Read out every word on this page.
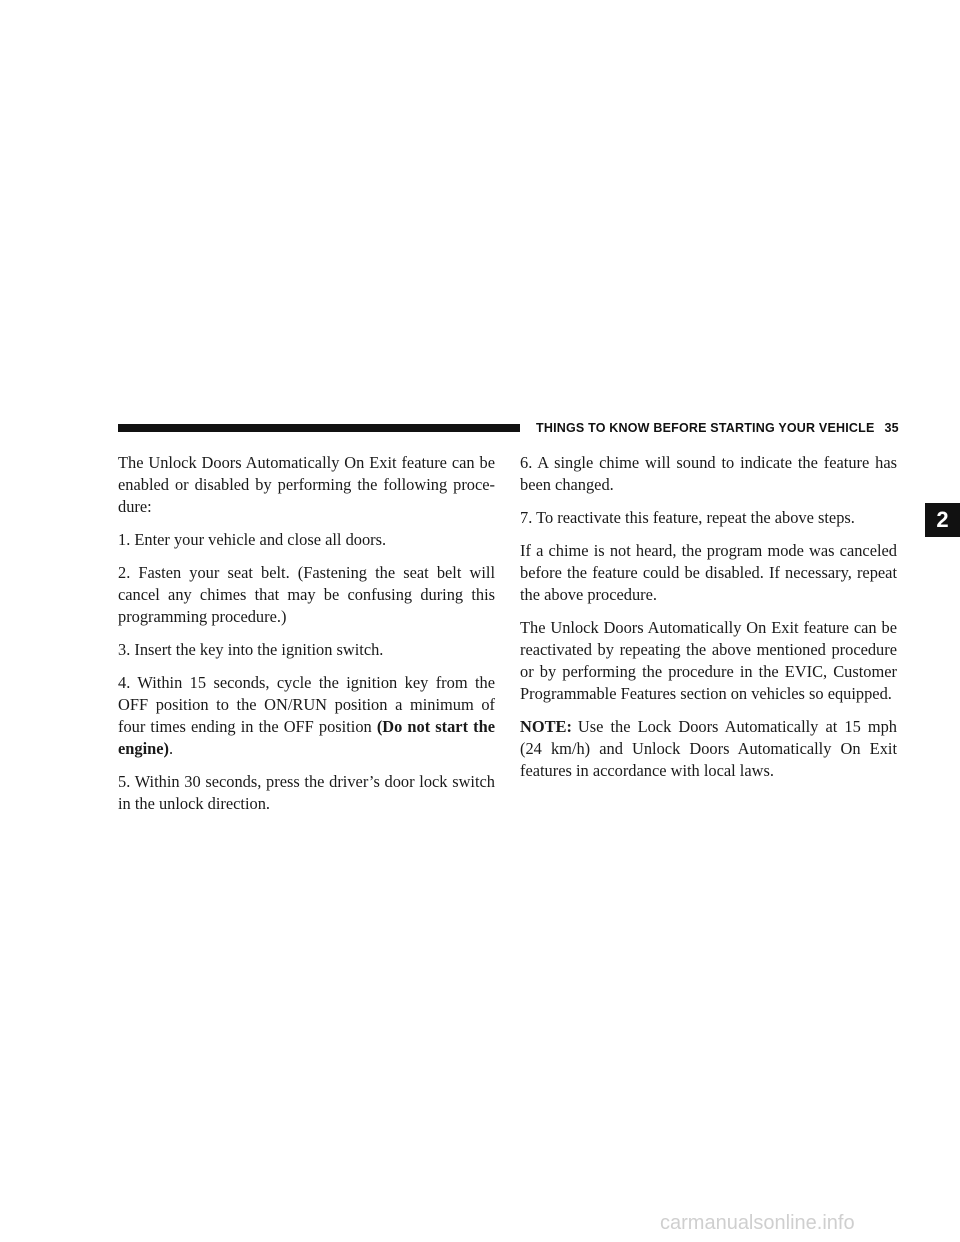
THINGS TO KNOW BEFORE STARTING YOUR VEHICLE 35

The Unlock Doors Automatically On Exit feature can be enabled or disabled by performing the following proce-dure:

1. Enter your vehicle and close all doors.

2. Fasten your seat belt. (Fastening the seat belt will cancel any chimes that may be confusing during this programming procedure.)

3. Insert the key into the ignition switch.

4. Within 15 seconds, cycle the ignition key from the OFF position to the ON/RUN position a minimum of four times ending in the OFF position (Do not start the engine).

5. Within 30 seconds, press the driver’s door lock switch in the unlock direction.

6. A single chime will sound to indicate the feature has been changed.

7. To reactivate this feature, repeat the above steps.

If a chime is not heard, the program mode was canceled before the feature could be disabled. If necessary, repeat the above procedure.

The Unlock Doors Automatically On Exit feature can be reactivated by repeating the above mentioned procedure or by performing the procedure in the EVIC, Customer Programmable Features section on vehicles so equipped.

NOTE: Use the Lock Doors Automatically at 15 mph (24 km/h) and Unlock Doors Automatically On Exit features in accordance with local laws.

2
carmanualsonline.info
